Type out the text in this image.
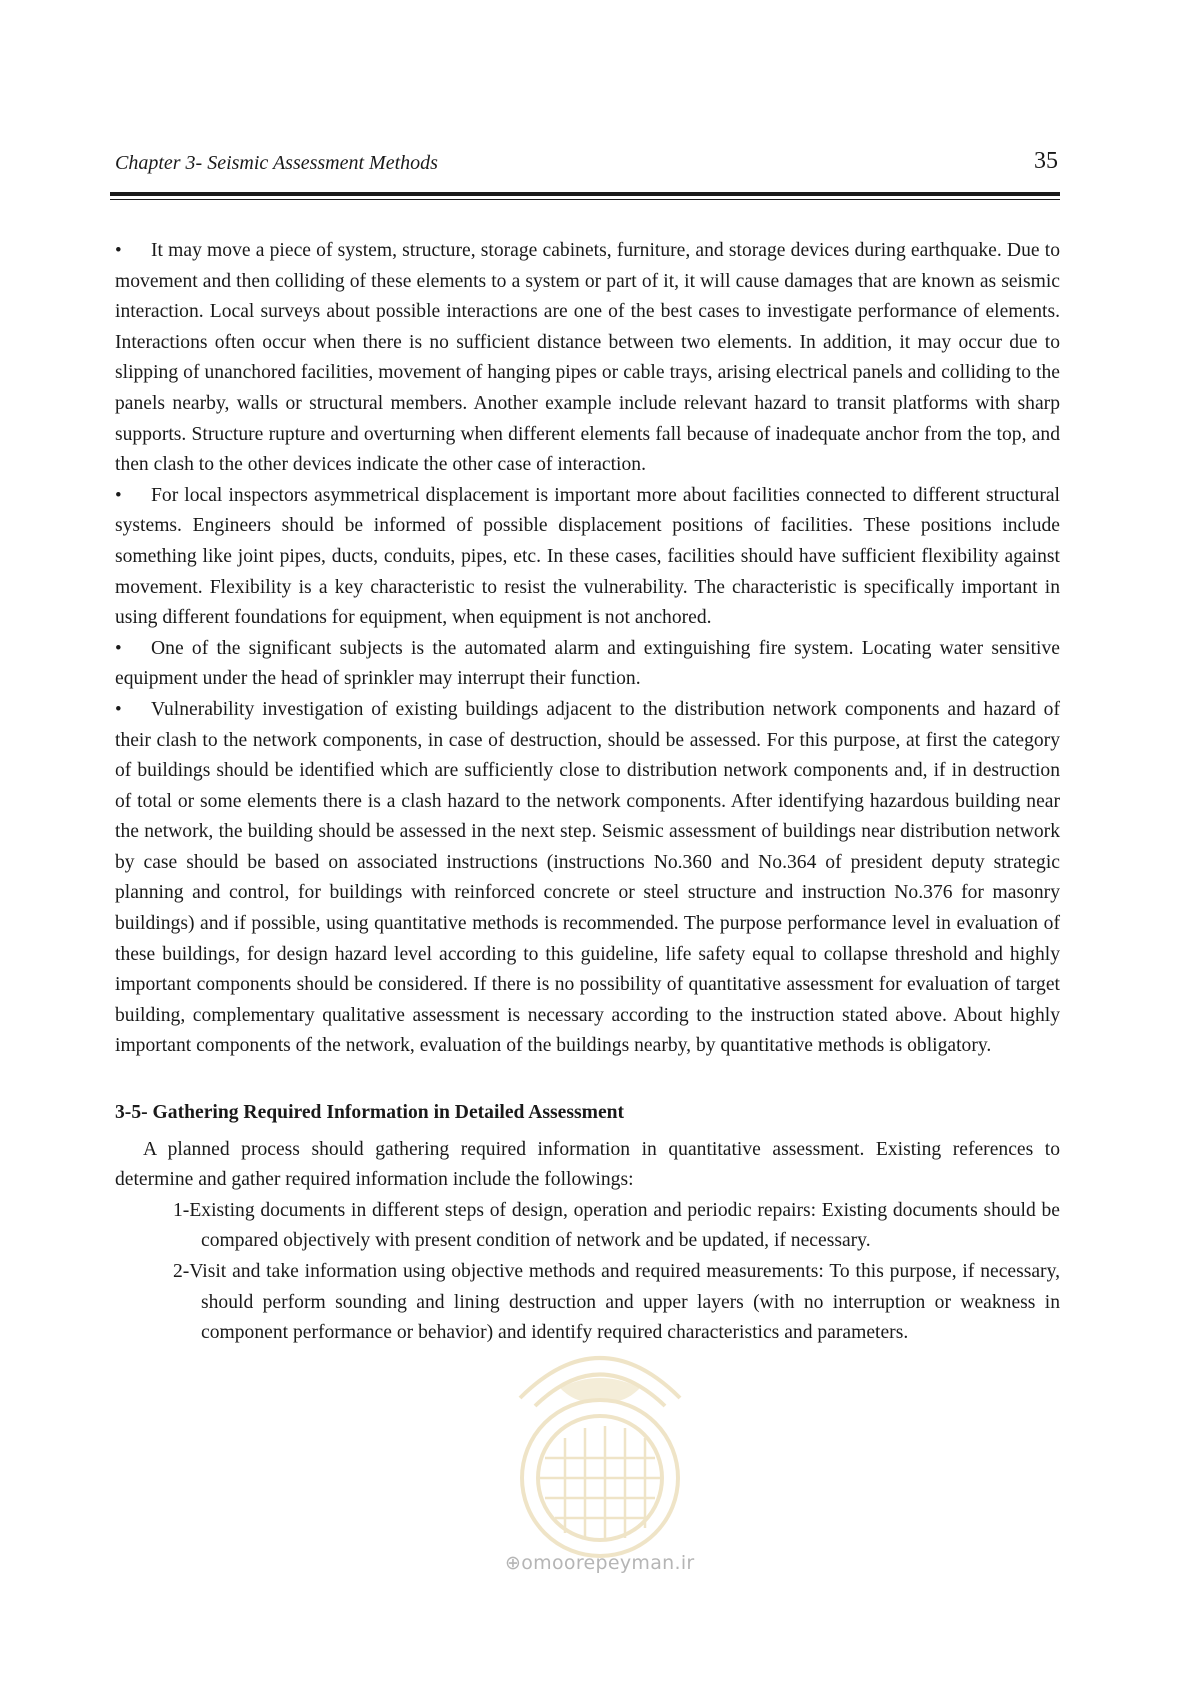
Chapter 3- Seismic Assessment Methods	35

• It may move a piece of system, structure, storage cabinets, furniture, and storage devices during earthquake. Due to movement and then colliding of these elements to a system or part of it, it will cause damages that are known as seismic interaction. Local surveys about possible interactions are one of the best cases to investigate performance of elements. Interactions often occur when there is no sufficient distance between two elements. In addition, it may occur due to slipping of unanchored facilities, movement of hanging pipes or cable trays, arising electrical panels and colliding to the panels nearby, walls or structural members. Another example include relevant hazard to transit platforms with sharp supports. Structure rupture and overturning when different elements fall because of inadequate anchor from the top, and then clash to the other devices indicate the other case of interaction.

• For local inspectors asymmetrical displacement is important more about facilities connected to different structural systems. Engineers should be informed of possible displacement positions of facilities. These positions include something like joint pipes, ducts, conduits, pipes, etc. In these cases, facilities should have sufficient flexibility against movement. Flexibility is a key characteristic to resist the vulnerability. The characteristic is specifically important in using different foundations for equipment, when equipment is not anchored.

• One of the significant subjects is the automated alarm and extinguishing fire system. Locating water sensitive equipment under the head of sprinkler may interrupt their function.

• Vulnerability investigation of existing buildings adjacent to the distribution network components and hazard of their clash to the network components, in case of destruction, should be assessed. For this purpose, at first the category of buildings should be identified which are sufficiently close to distribution network components and, if in destruction of total or some elements there is a clash hazard to the network components. After identifying hazardous building near the network, the building should be assessed in the next step. Seismic assessment of buildings near distribution network by case should be based on associated instructions (instructions No.360 and No.364 of president deputy strategic planning and control, for buildings with reinforced concrete or steel structure and instruction No.376 for masonry buildings) and if possible, using quantitative methods is recommended. The purpose performance level in evaluation of these buildings, for design hazard level according to this guideline, life safety equal to collapse threshold and highly important components should be considered. If there is no possibility of quantitative assessment for evaluation of target building, complementary qualitative assessment is necessary according to the instruction stated above. About highly important components of the network, evaluation of the buildings nearby, by quantitative methods is obligatory.

3-5- Gathering Required Information in Detailed Assessment

A planned process should gathering required information in quantitative assessment. Existing references to determine and gather required information include the followings:

1-Existing documents in different steps of design, operation and periodic repairs: Existing documents should be compared objectively with present condition of network and be updated, if necessary.
2-Visit and take information using objective methods and required measurements: To this purpose, if necessary, should perform sounding and lining destruction and upper layers (with no interruption or weakness in component performance or behavior) and identify required characteristics and parameters.
⊕omoorepeyman.ir
